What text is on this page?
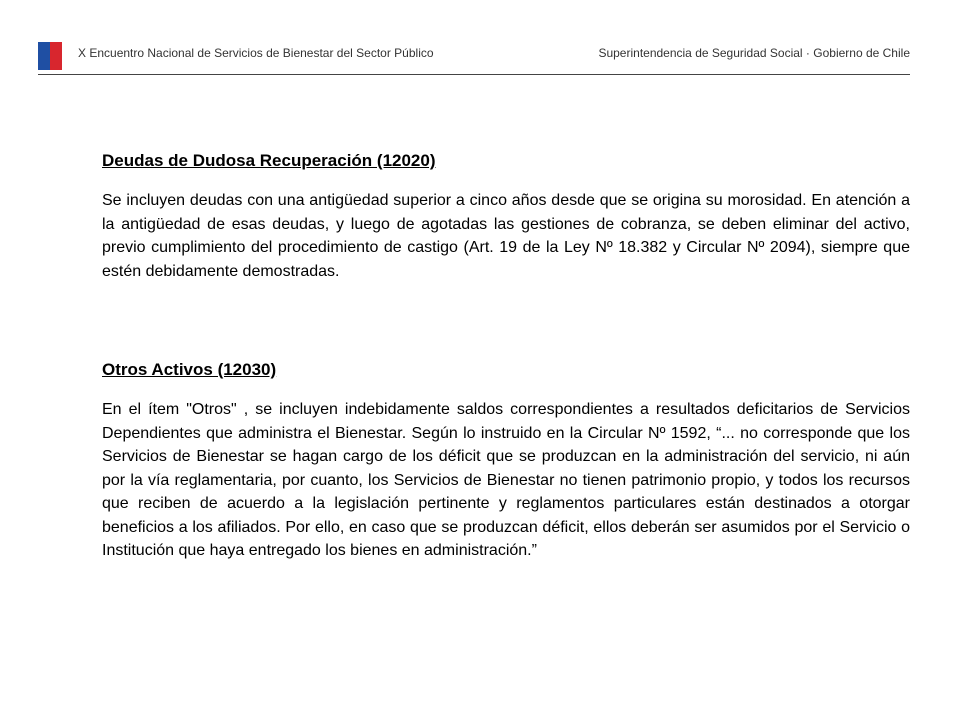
X Encuentro Nacional de Servicios de Bienestar del Sector Público	Superintendencia de Seguridad Social · Gobierno de Chile

Deudas de Dudosa Recuperación (12020)

Se incluyen deudas con una antigüedad superior a cinco años desde que se origina su morosidad. En atención a la antigüedad de esas deudas, y luego de agotadas las gestiones de cobranza, se deben eliminar del activo, previo cumplimiento del procedimiento de castigo (Art. 19 de la Ley Nº 18.382 y Circular Nº 2094), siempre que estén debidamente demostradas.

Otros Activos (12030)

En el ítem "Otros" , se incluyen indebidamente saldos correspondientes a resultados deficitarios de Servicios Dependientes que administra el Bienestar. Según lo instruido en la Circular Nº 1592, “... no corresponde que los Servicios de Bienestar se hagan cargo de los déficit que se produzcan en la administración del servicio, ni aún por la vía reglamentaria, por cuanto, los Servicios de Bienestar no tienen patrimonio propio, y todos los recursos que reciben de acuerdo a la legislación pertinente y reglamentos particulares están destinados a otorgar beneficios a los afiliados. Por ello, en caso que se produzcan déficit, ellos deberán ser asumidos por el Servicio o Institución que haya entregado los bienes en administración.”
